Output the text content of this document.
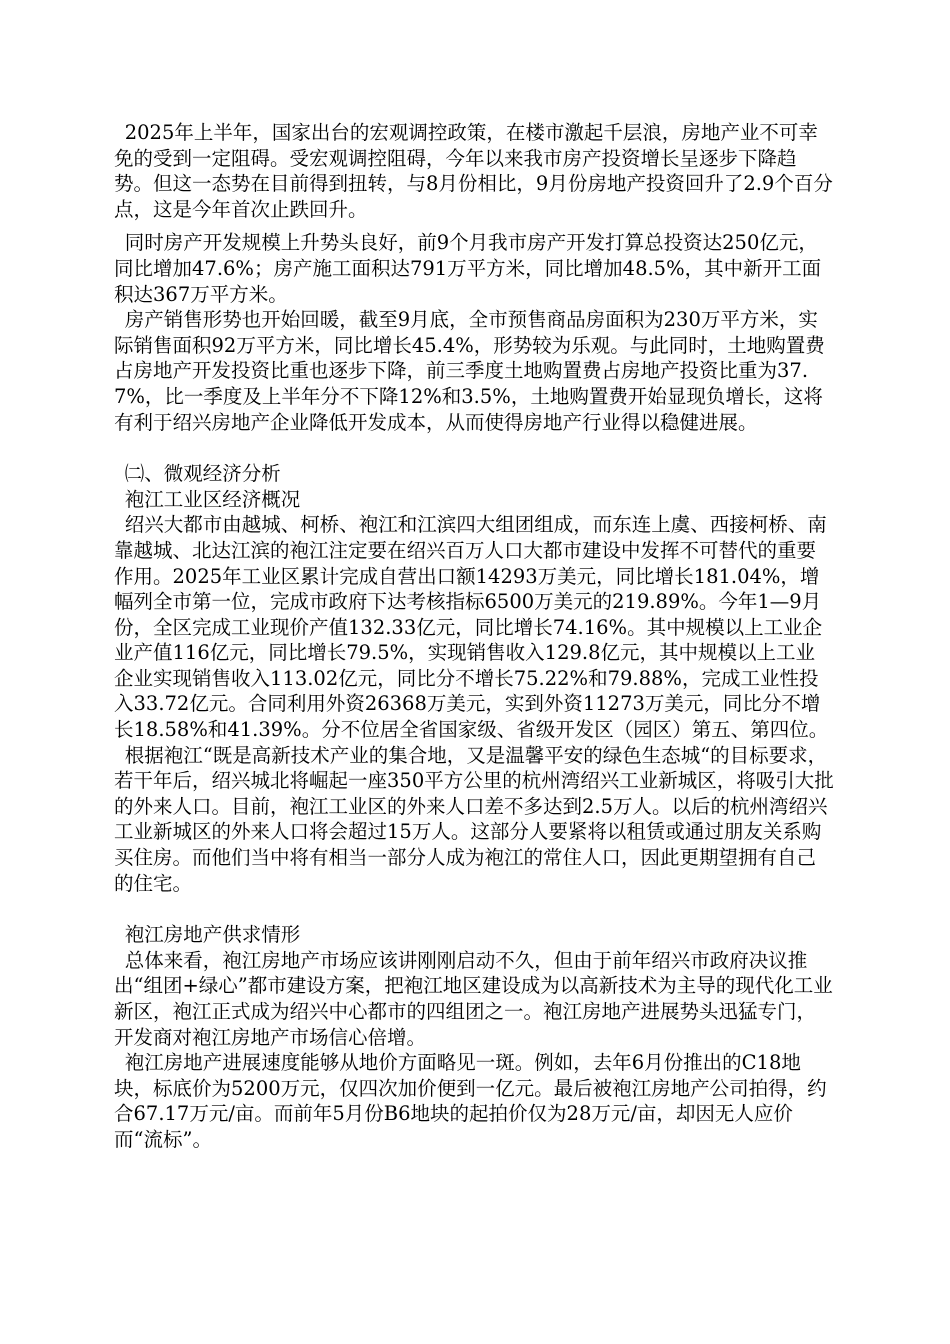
2025年上半年，国家出台的宏观调控政策，在楼市激起千层浪，房地产业不可幸免的受到一定阻碍。受宏观调控阻碍，今年以来我市房产投资增长呈逐步下降趋势。但这一态势在目前得到扭转，与8月份相比，9月份房地产投资回升了2.9个百分点，这是今年首次止跌回升。

同时房产开发规模上升势头良好，前9个月我市房产开发打算总投资达250亿元，同比增加47.6%；房产施工面积达791万平方米，同比增加48.5%，其中新开工面积达367万平方米。

房产销售形势也开始回暖，截至9月底，全市预售商品房面积为230万平方米，实际销售面积92万平方米，同比增长45.4%，形势较为乐观。与此同时，土地购置费占房地产开发投资比重也逐步下降，前三季度土地购置费占房地产投资比重为37.7%，比一季度及上半年分不下降12%和3.5%，土地购置费开始显现负增长，这将有利于绍兴房地产企业降低开发成本，从而使得房地产行业得以稳健进展。

㈡、微观经济分析

袍江工业区经济概况

绍兴大都市由越城、柯桥、袍江和江滨四大组团组成，而东连上虞、西接柯桥、南靠越城、北达江滨的袍江注定要在绍兴百万人口大都市建设中发挥不可替代的重要作用。2025年工业区累计完成自营出口额14293万美元，同比增长181.04%，增幅列全市第一位，完成市政府下达考核指标6500万美元的219.89%。今年1—9月份，全区完成工业现价产值132.33亿元，同比增长74.16%。其中规模以上工业企业产值116亿元，同比增长79.5%，实现销售收入129.8亿元，其中规模以上工业企业实现销售收入113.02亿元，同比分不增长75.22%和79.88%，完成工业性投入33.72亿元。合同利用外资26368万美元，实到外资11273万美元，同比分不增长18.58%和41.39%。分不位居全省国家级、省级开发区（园区）第五、第四位。

根据袍江“既是高新技术产业的集合地，又是温馨平安的绿色生态城“的目标要求，若干年后，绍兴城北将崛起一座350平方公里的杭州湾绍兴工业新城区，将吸引大批的外来人口。目前，袍江工业区的外来人口差不多达到2.5万人。以后的杭州湾绍兴工业新城区的外来人口将会超过15万人。这部分人要紧将以租赁或通过朋友关系购买住房。而他们当中将有相当一部分人成为袍江的常住人口，因此更期望拥有自己的住宅。

袍江房地产供求情形

总体来看，袍江房地产市场应该讲刚刚启动不久，但由于前年绍兴市政府决议推出“组团+绿心”都市建设方案，把袍江地区建设成为以高新技术为主导的现代化工业新区，袍江正式成为绍兴中心都市的四组团之一。袍江房地产进展势头迅猛专门，开发商对袍江房地产市场信心倍增。

袍江房地产进展速度能够从地价方面略见一斑。例如，去年6月份推出的C18地块，标底价为5200万元，仅四次加价便到一亿元。最后被袍江房地产公司拍得，约合67.17万元/亩。而前年5月份B6地块的起拍价仅为28万元/亩，却因无人应价而“流标”。
